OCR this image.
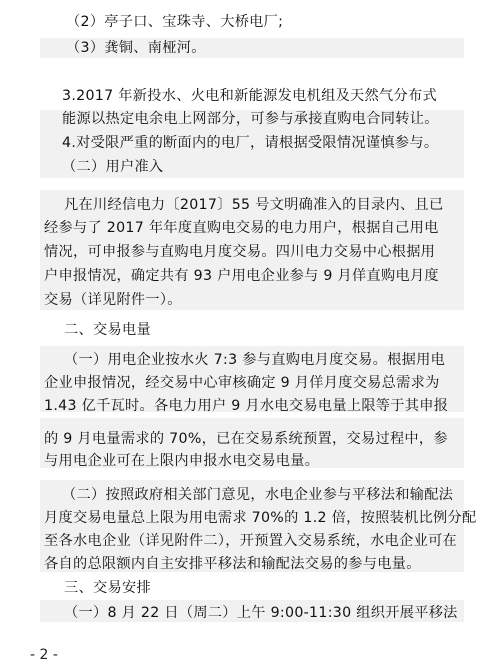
（2）亭子口、宝珠寺、大桥电厂;
（3）龚铜、南桠河。
3.2017 年新投水、火电和新能源发电机组及天然气分布式
能源以热定电余电上网部分，可参与承接直购电合同转让。
4.对受限严重的断面内的电厂，请根据受限情况谨慎参与。
（二）用户准入
凡在川经信电力〔2017〕55 号文明确准入的目录内、且已
经参与了 2017 年年度直购电交易的电力用户，根据自己用电
情况，可申报参与直购电月度交易。四川电力交易中心根据用
户申报情况，确定共有 93 户用电企业参与 9 月佯直购电月度
交易（详见附件一）。
二、交易电量
（一）用电企业按水火 7:3 参与直购电月度交易。根据用电
企业申报情况，经交易中心审核确定 9 月佯月度交易总需求为
1.43 亿千瓦时。各电力用户 9 月水电交易电量上限等于其申报
的 9 月电量需求的 70%，已在交易系统预置，交易过程中，参
与用电企业可在上限内申报水电交易电量。
（二）按照政府相关部门意见，水电企业参与平移法和输配法
月度交易电量总上限为用电需求 70%的 1.2 倍，按照装机比例分配
至各水电企业（详见附件二），开预置入交易系统，水电企业可在
各自的总限额内自主安排平移法和输配法交易的参与电量。
三、交易安排
（一）8 月 22 日（周二）上午 9:00-11:30 组织开展平移法
- 2 -
